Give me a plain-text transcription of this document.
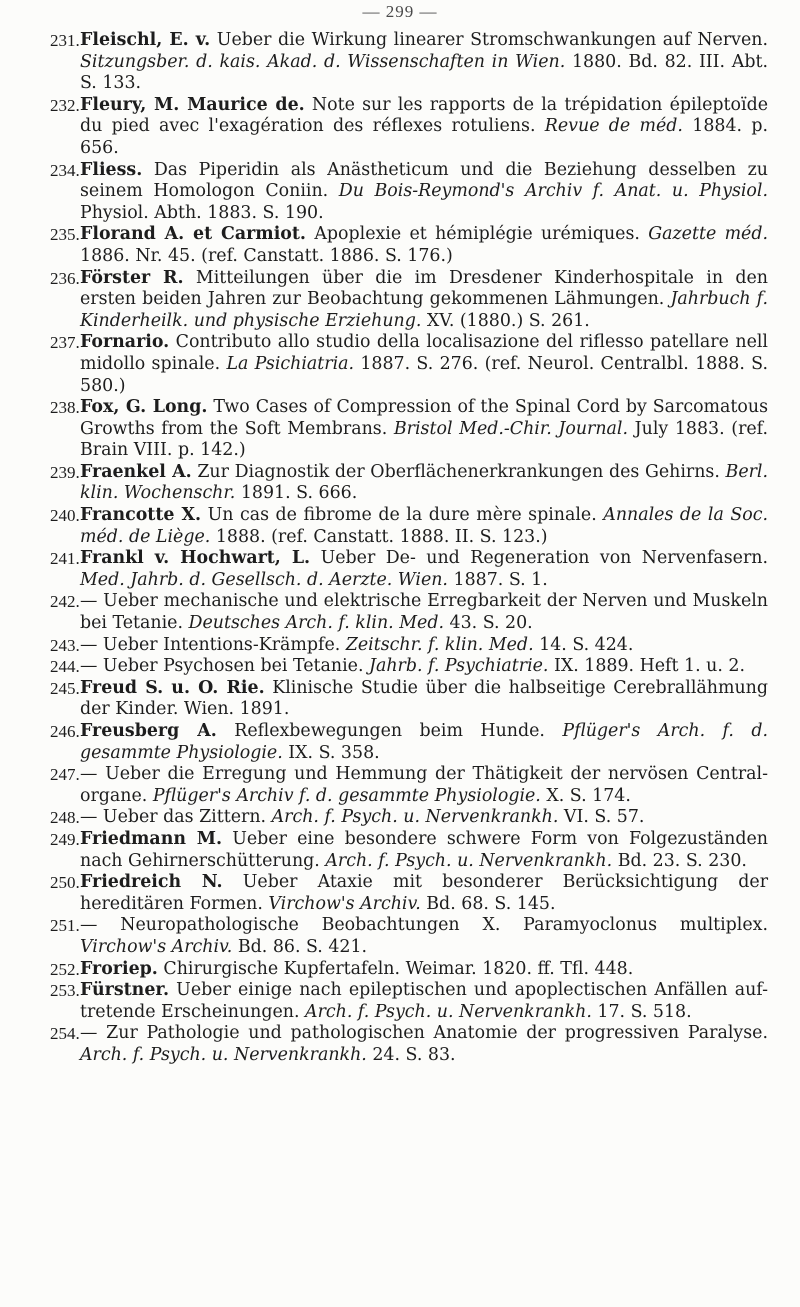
— 299 —
231. Fleischl, E. v. Ueber die Wirkung linearer Stromschwankungen auf Nerven. Sitzungsber. d. kais. Akad. d. Wissenschaften in Wien. 1880. Bd. 82. III. Abt. S. 133.
232. Fleury, M. Maurice de. Note sur les rapports de la trépidation épileptoïde du pied avec l'exagération des réflexes rotuliens. Revue de méd. 1884. p. 656.
234. Fliess. Das Piperidin als Anästheticum und die Beziehung desselben zu seinem Homologon Coniin. Du Bois-Reymond's Archiv f. Anat. u. Physiol. Physiol. Abth. 1883. S. 190.
235. Florand A. et Carmiot. Apoplexie et hémiplégie urémiques. Gazette méd. 1886. Nr. 45. (ref. Canstatt. 1886. S. 176.)
236. Förster R. Mitteilungen über die im Dresdener Kinderhospitale in den ersten beiden Jahren zur Beobachtung gekommenen Lähmungen. Jahrbuch f. Kinderheilk. und physische Erziehung. XV. (1880.) S. 261.
237. Fornario. Contributo allo studio della localisazione del riflesso patellare nell midollo spinale. La Psichiatria. 1887. S. 276. (ref. Neurol. Centralbl. 1888. S. 580.)
238. Fox, G. Long. Two Cases of Compression of the Spinal Cord by Sarcomatous Growths from the Soft Membrans. Bristol Med.-Chir. Journal. July 1883. (ref. Brain VIII. p. 142.)
239. Fraenkel A. Zur Diagnostik der Oberflächenerkrankungen des Gehirns. Berl. klin. Wochenschr. 1891. S. 666.
240. Francotte X. Un cas de fibrome de la dure mère spinale. Annales de la Soc. méd. de Liège. 1888. (ref. Canstatt. 1888. II. S. 123.)
241. Frankl v. Hochwart, L. Ueber De- und Regeneration von Nervenfasern. Med. Jahrb. d. Gesellsch. d. Aerzte. Wien. 1887. S. 1.
242. — Ueber mechanische und elektrische Erregbarkeit der Nerven und Muskeln bei Tetanie. Deutsches Arch. f. klin. Med. 43. S. 20.
243. — Ueber Intentions-Krämpfe. Zeitschr. f. klin. Med. 14. S. 424.
244. — Ueber Psychosen bei Tetanie. Jahrb. f. Psychiatrie. IX. 1889. Heft 1. u. 2.
245. Freud S. u. O. Rie. Klinische Studie über die halbseitige Cerebrallähmung der Kinder. Wien. 1891.
246. Freusberg A. Reflexbewegungen beim Hunde. Pflüger's Arch. f. d. gesammte Physiologie. IX. S. 358.
247. — Ueber die Erregung und Hemmung der Thätigkeit der nervösen Central-organe. Pflüger's Archiv f. d. gesammte Physiologie. X. S. 174.
248. — Ueber das Zittern. Arch. f. Psych. u. Nervenkrankh. VI. S. 57.
249. Friedmann M. Ueber eine besondere schwere Form von Folgezuständen nach Gehirnerschütterung. Arch. f. Psych. u. Nervenkrankh. Bd. 23. S. 230.
250. Friedreich N. Ueber Ataxie mit besonderer Berücksichtigung der hereditären Formen. Virchow's Archiv. Bd. 68. S. 145.
251. — Neuropathologische Beobachtungen X. Paramyoclonus multiplex. Virchow's Archiv. Bd. 86. S. 421.
252. Froriep. Chirurgische Kupfertafeln. Weimar. 1820. ff. Tfl. 448.
253. Fürstner. Ueber einige nach epileptischen und apoplectischen Anfällen auf-tretende Erscheinungen. Arch. f. Psych. u. Nervenkrankh. 17. S. 518.
254. — Zur Pathologie und pathologischen Anatomie der progressiven Paralyse. Arch. f. Psych. u. Nervenkrankh. 24. S. 83.
